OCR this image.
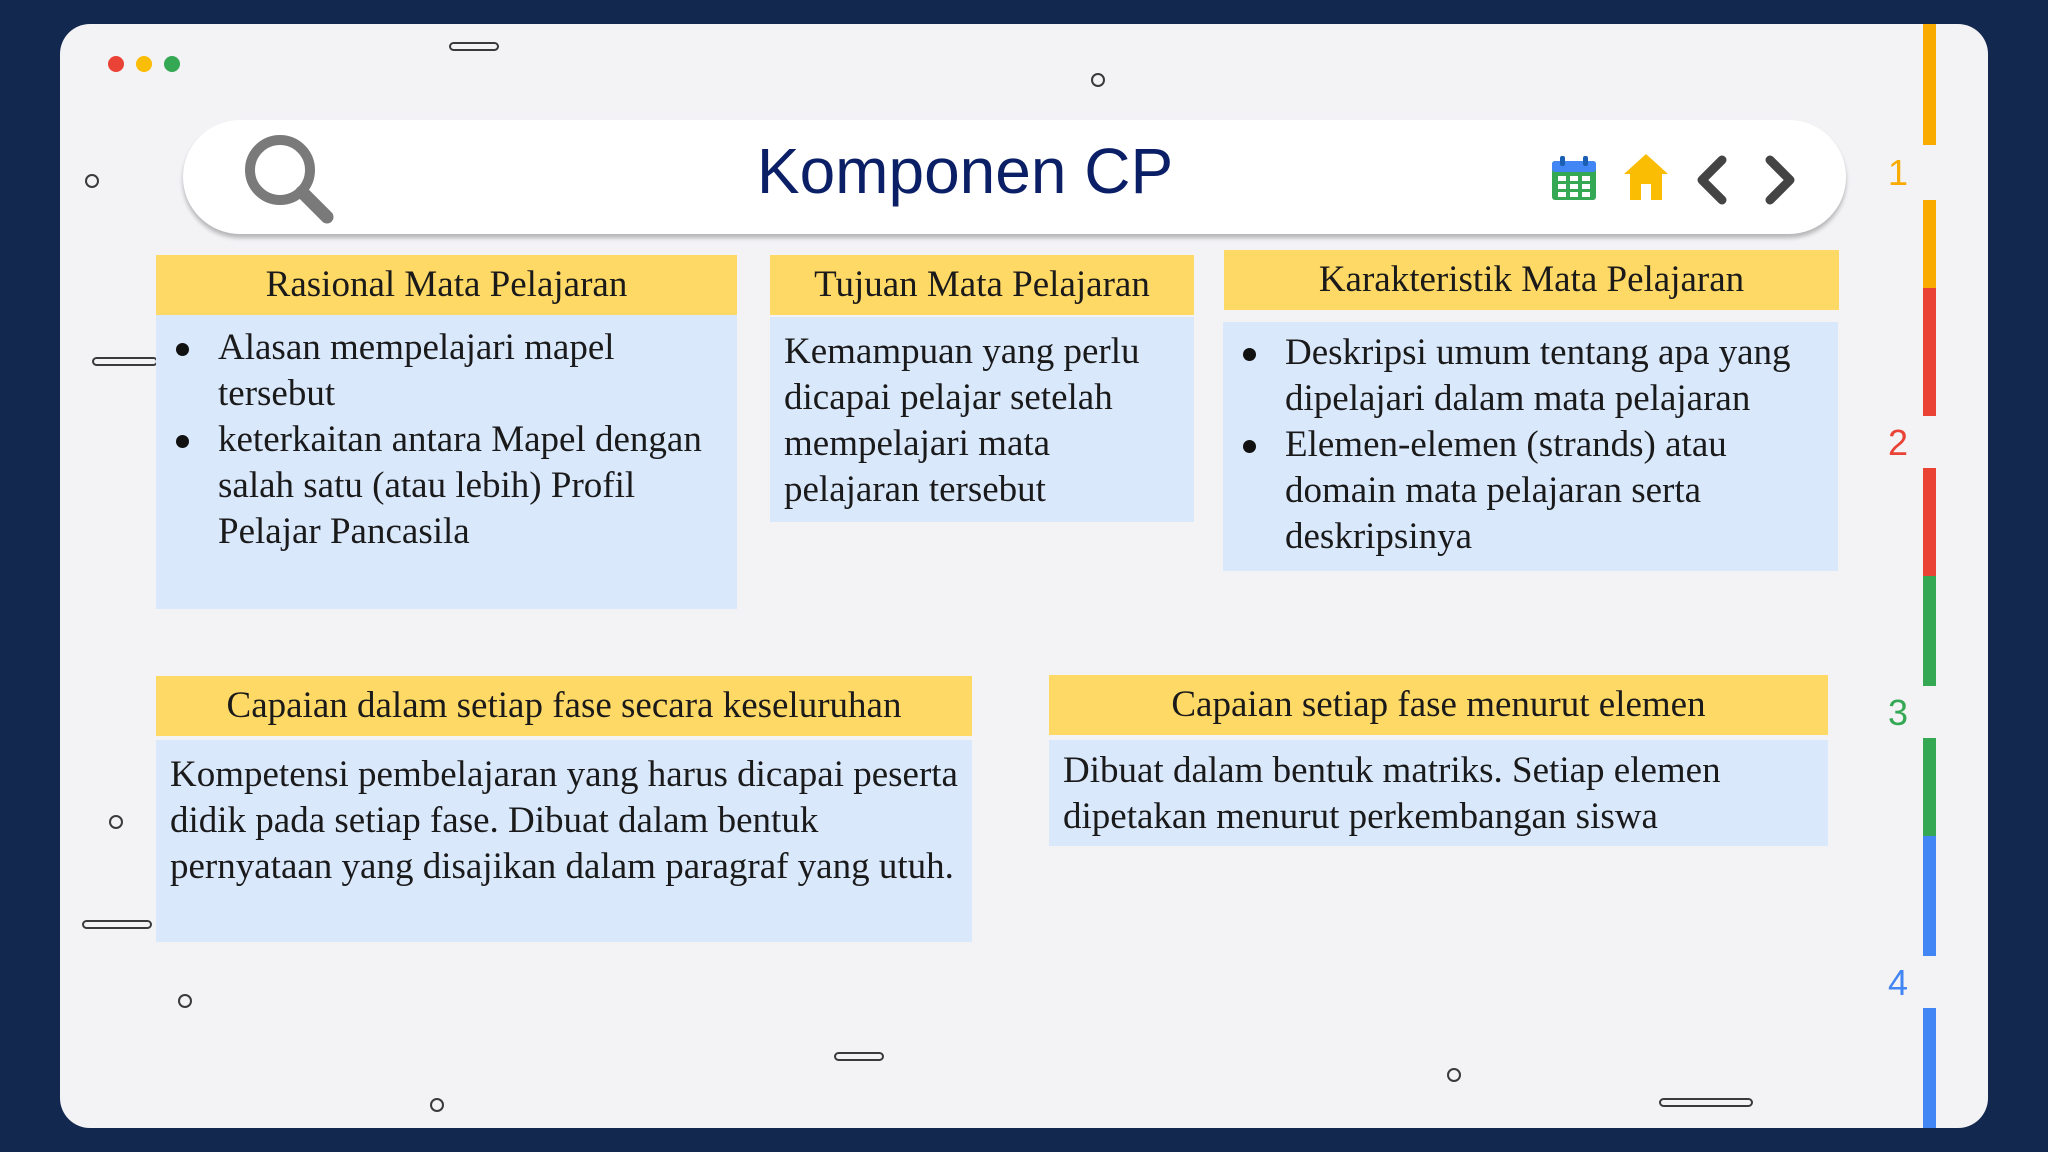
Komponen CP
Rasional Mata Pelajaran
Alasan mempelajari mapel tersebut
keterkaitan antara Mapel dengan salah satu (atau lebih) Profil Pelajar Pancasila
Tujuan Mata Pelajaran
Kemampuan yang perlu dicapai pelajar setelah mempelajari mata pelajaran tersebut
Karakteristik Mata Pelajaran
Deskripsi umum tentang apa yang dipelajari dalam mata pelajaran
Elemen-elemen (strands) atau domain mata pelajaran serta deskripsinya
Capaian dalam setiap fase secara keseluruhan
Kompetensi pembelajaran yang harus dicapai peserta didik pada setiap fase. Dibuat dalam bentuk pernyataan yang disajikan dalam paragraf yang utuh.
Capaian setiap fase menurut elemen
Dibuat dalam bentuk matriks. Setiap elemen dipetakan menurut perkembangan siswa
1
2
3
4
